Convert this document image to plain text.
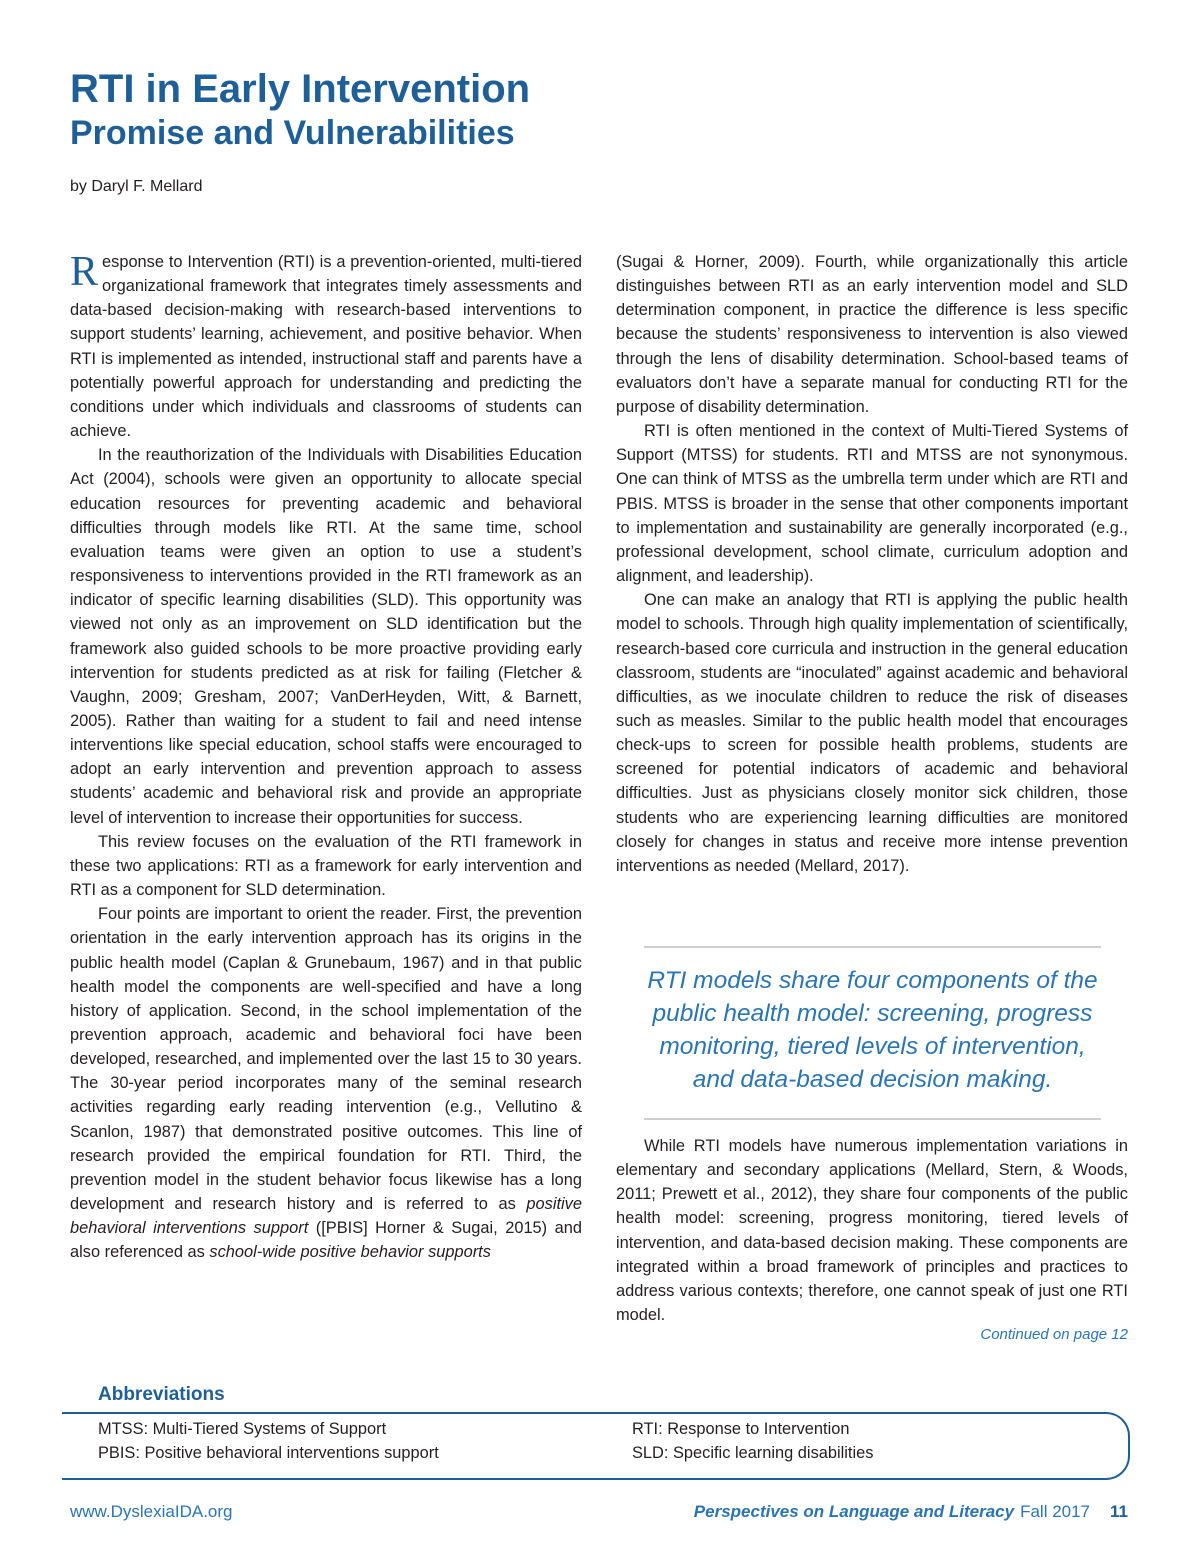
RTI in Early Intervention
Promise and Vulnerabilities
by Daryl F. Mellard

Response to Intervention (RTI) is a prevention-oriented, multi-tiered organizational framework that integrates timely assessments and data-based decision-making with research-based interventions to support students’ learning, achievement, and positive behavior. When RTI is implemented as intended, instructional staff and parents have a potentially powerful approach for understanding and predicting the conditions under which individuals and classrooms of students can achieve.

In the reauthorization of the Individuals with Disabilities Education Act (2004), schools were given an opportunity to allocate special education resources for preventing academic and behavioral difficulties through models like RTI. At the same time, school evaluation teams were given an option to use a student’s responsiveness to interventions provided in the RTI framework as an indicator of specific learning disabilities (SLD). This opportunity was viewed not only as an improvement on SLD identification but the framework also guided schools to be more proactive providing early intervention for students predicted as at risk for failing (Fletcher & Vaughn, 2009; Gresham, 2007; VanDerHeyden, Witt, & Barnett, 2005). Rather than waiting for a student to fail and need intense interventions like special education, school staffs were encouraged to adopt an early intervention and prevention approach to assess students’ academic and behavioral risk and provide an appropriate level of intervention to increase their opportunities for success.

This review focuses on the evaluation of the RTI framework in these two applications: RTI as a framework for early intervention and RTI as a component for SLD determination.

Four points are important to orient the reader. First, the prevention orientation in the early intervention approach has its origins in the public health model (Caplan & Grunebaum, 1967) and in that public health model the components are well-specified and have a long history of application. Second, in the school implementation of the prevention approach, academic and behavioral foci have been developed, researched, and implemented over the last 15 to 30 years. The 30-year period incorporates many of the seminal research activities regarding early reading intervention (e.g., Vellutino & Scanlon, 1987) that demonstrated positive outcomes. This line of research provided the empirical foundation for RTI. Third, the prevention model in the student behavior focus likewise has a long development and research history and is referred to as positive behavioral interventions support ([PBIS] Horner & Sugai, 2015) and also referenced as school-wide positive behavior supports

(Sugai & Horner, 2009). Fourth, while organizationally this article distinguishes between RTI as an early intervention model and SLD determination component, in practice the difference is less specific because the students’ responsiveness to intervention is also viewed through the lens of disability determination. School-based teams of evaluators don’t have a separate manual for conducting RTI for the purpose of disability determination.

RTI is often mentioned in the context of Multi-Tiered Systems of Support (MTSS) for students. RTI and MTSS are not synonymous. One can think of MTSS as the umbrella term under which are RTI and PBIS. MTSS is broader in the sense that other components important to implementation and sustainability are generally incorporated (e.g., professional development, school climate, curriculum adoption and alignment, and leadership).

One can make an analogy that RTI is applying the public health model to schools. Through high quality implementation of scientifically, research-based core curricula and instruction in the general education classroom, students are “inoculated” against academic and behavioral difficulties, as we inoculate children to reduce the risk of diseases such as measles. Similar to the public health model that encourages check-ups to screen for possible health problems, students are screened for potential indicators of academic and behavioral difficulties. Just as physicians closely monitor sick children, those students who are experiencing learning difficulties are monitored closely for changes in status and receive more intense prevention interventions as needed (Mellard, 2017).

RTI models share four components of the public health model: screening, progress monitoring, tiered levels of intervention, and data-based decision making.

While RTI models have numerous implementation variations in elementary and secondary applications (Mellard, Stern, & Woods, 2011; Prewett et al., 2012), they share four components of the public health model: screening, progress monitoring, tiered levels of intervention, and data-based decision making. These components are integrated within a broad framework of principles and practices to address various contexts; therefore, one cannot speak of just one RTI model.

Continued on page 12
Abbreviations
MTSS: Multi-Tiered Systems of Support
PBIS: Positive behavioral interventions support
RTI: Response to Intervention
SLD: Specific learning disabilities
www.DyslexiaIDA.org	Perspectives on Language and Literacy Fall 2017 11
